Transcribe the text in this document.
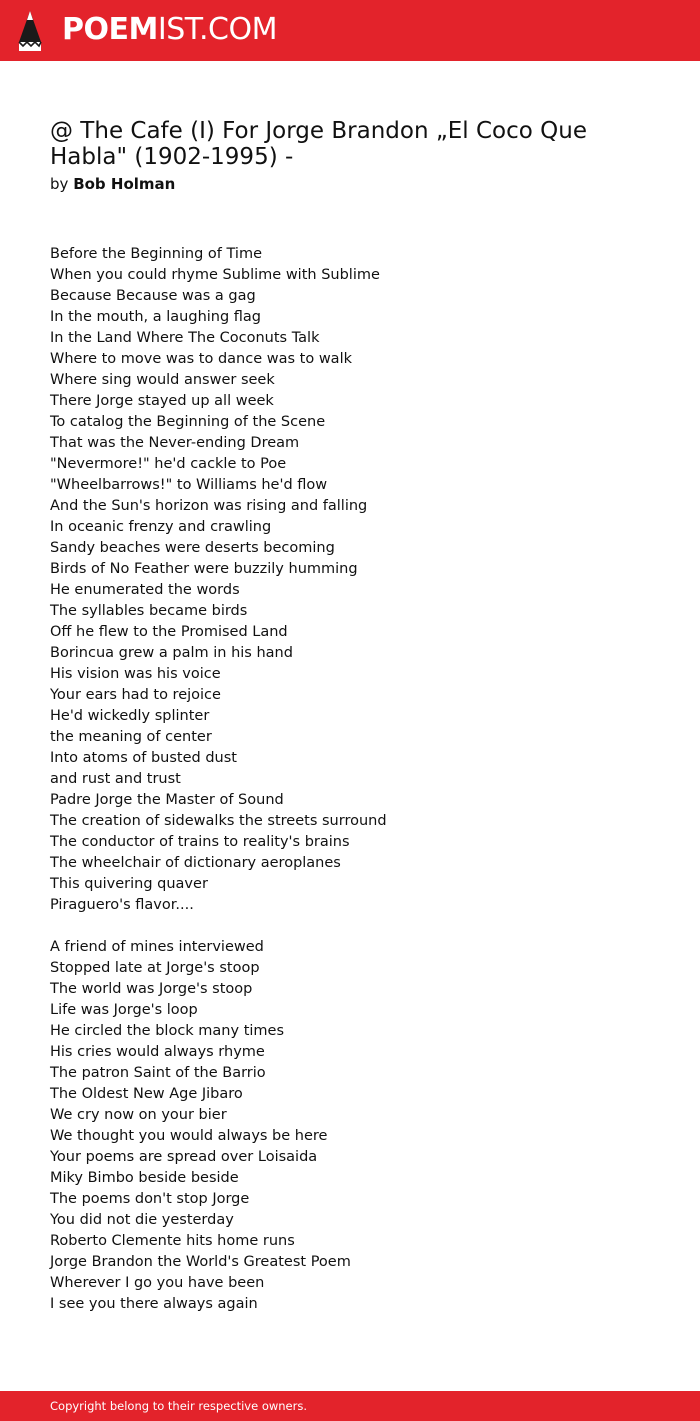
POEMIST.COM
@ The Cafe (I) For Jorge Brandon „El Coco Que Habla" (1902-1995) -
by Bob Holman
Before the Beginning of Time
When you could rhyme Sublime with Sublime
Because Because was a gag
In the mouth, a laughing flag
In the Land Where The Coconuts Talk
Where to move was to dance was to walk
Where sing would answer seek
There Jorge stayed up all week
To catalog the Beginning of the Scene
That was the Never-ending Dream
"Nevermore!" he'd cackle to Poe
"Wheelbarrows!" to Williams he'd flow
And the Sun's horizon was rising and falling
In oceanic frenzy and crawling
Sandy beaches were deserts becoming
Birds of No Feather were buzzily humming
He enumerated the words
The syllables became birds
Off he flew to the Promised Land
Borincua grew a palm in his hand
His vision was his voice
Your ears had to rejoice
He'd wickedly splinter
the meaning of center
Into atoms of busted dust
and rust and trust
Padre Jorge the Master of Sound
The creation of sidewalks the streets surround
The conductor of trains to reality's brains
The wheelchair of dictionary aeroplanes
This quivering quaver
Piraguero's flavor....
A friend of mines interviewed
Stopped late at Jorge's stoop
The world was Jorge's stoop
Life was Jorge's loop
He circled the block many times
His cries would always rhyme
The patron Saint of the Barrio
The Oldest New Age Jibaro
We cry now on your bier
We thought you would always be here
Your poems are spread over Loisaida
Miky Bimbo beside beside
The poems don't stop Jorge
You did not die yesterday
Roberto Clemente hits home runs
Jorge Brandon the World's Greatest Poem
Wherever I go you have been
I see you there always again
Copyright belong to their respective owners.
